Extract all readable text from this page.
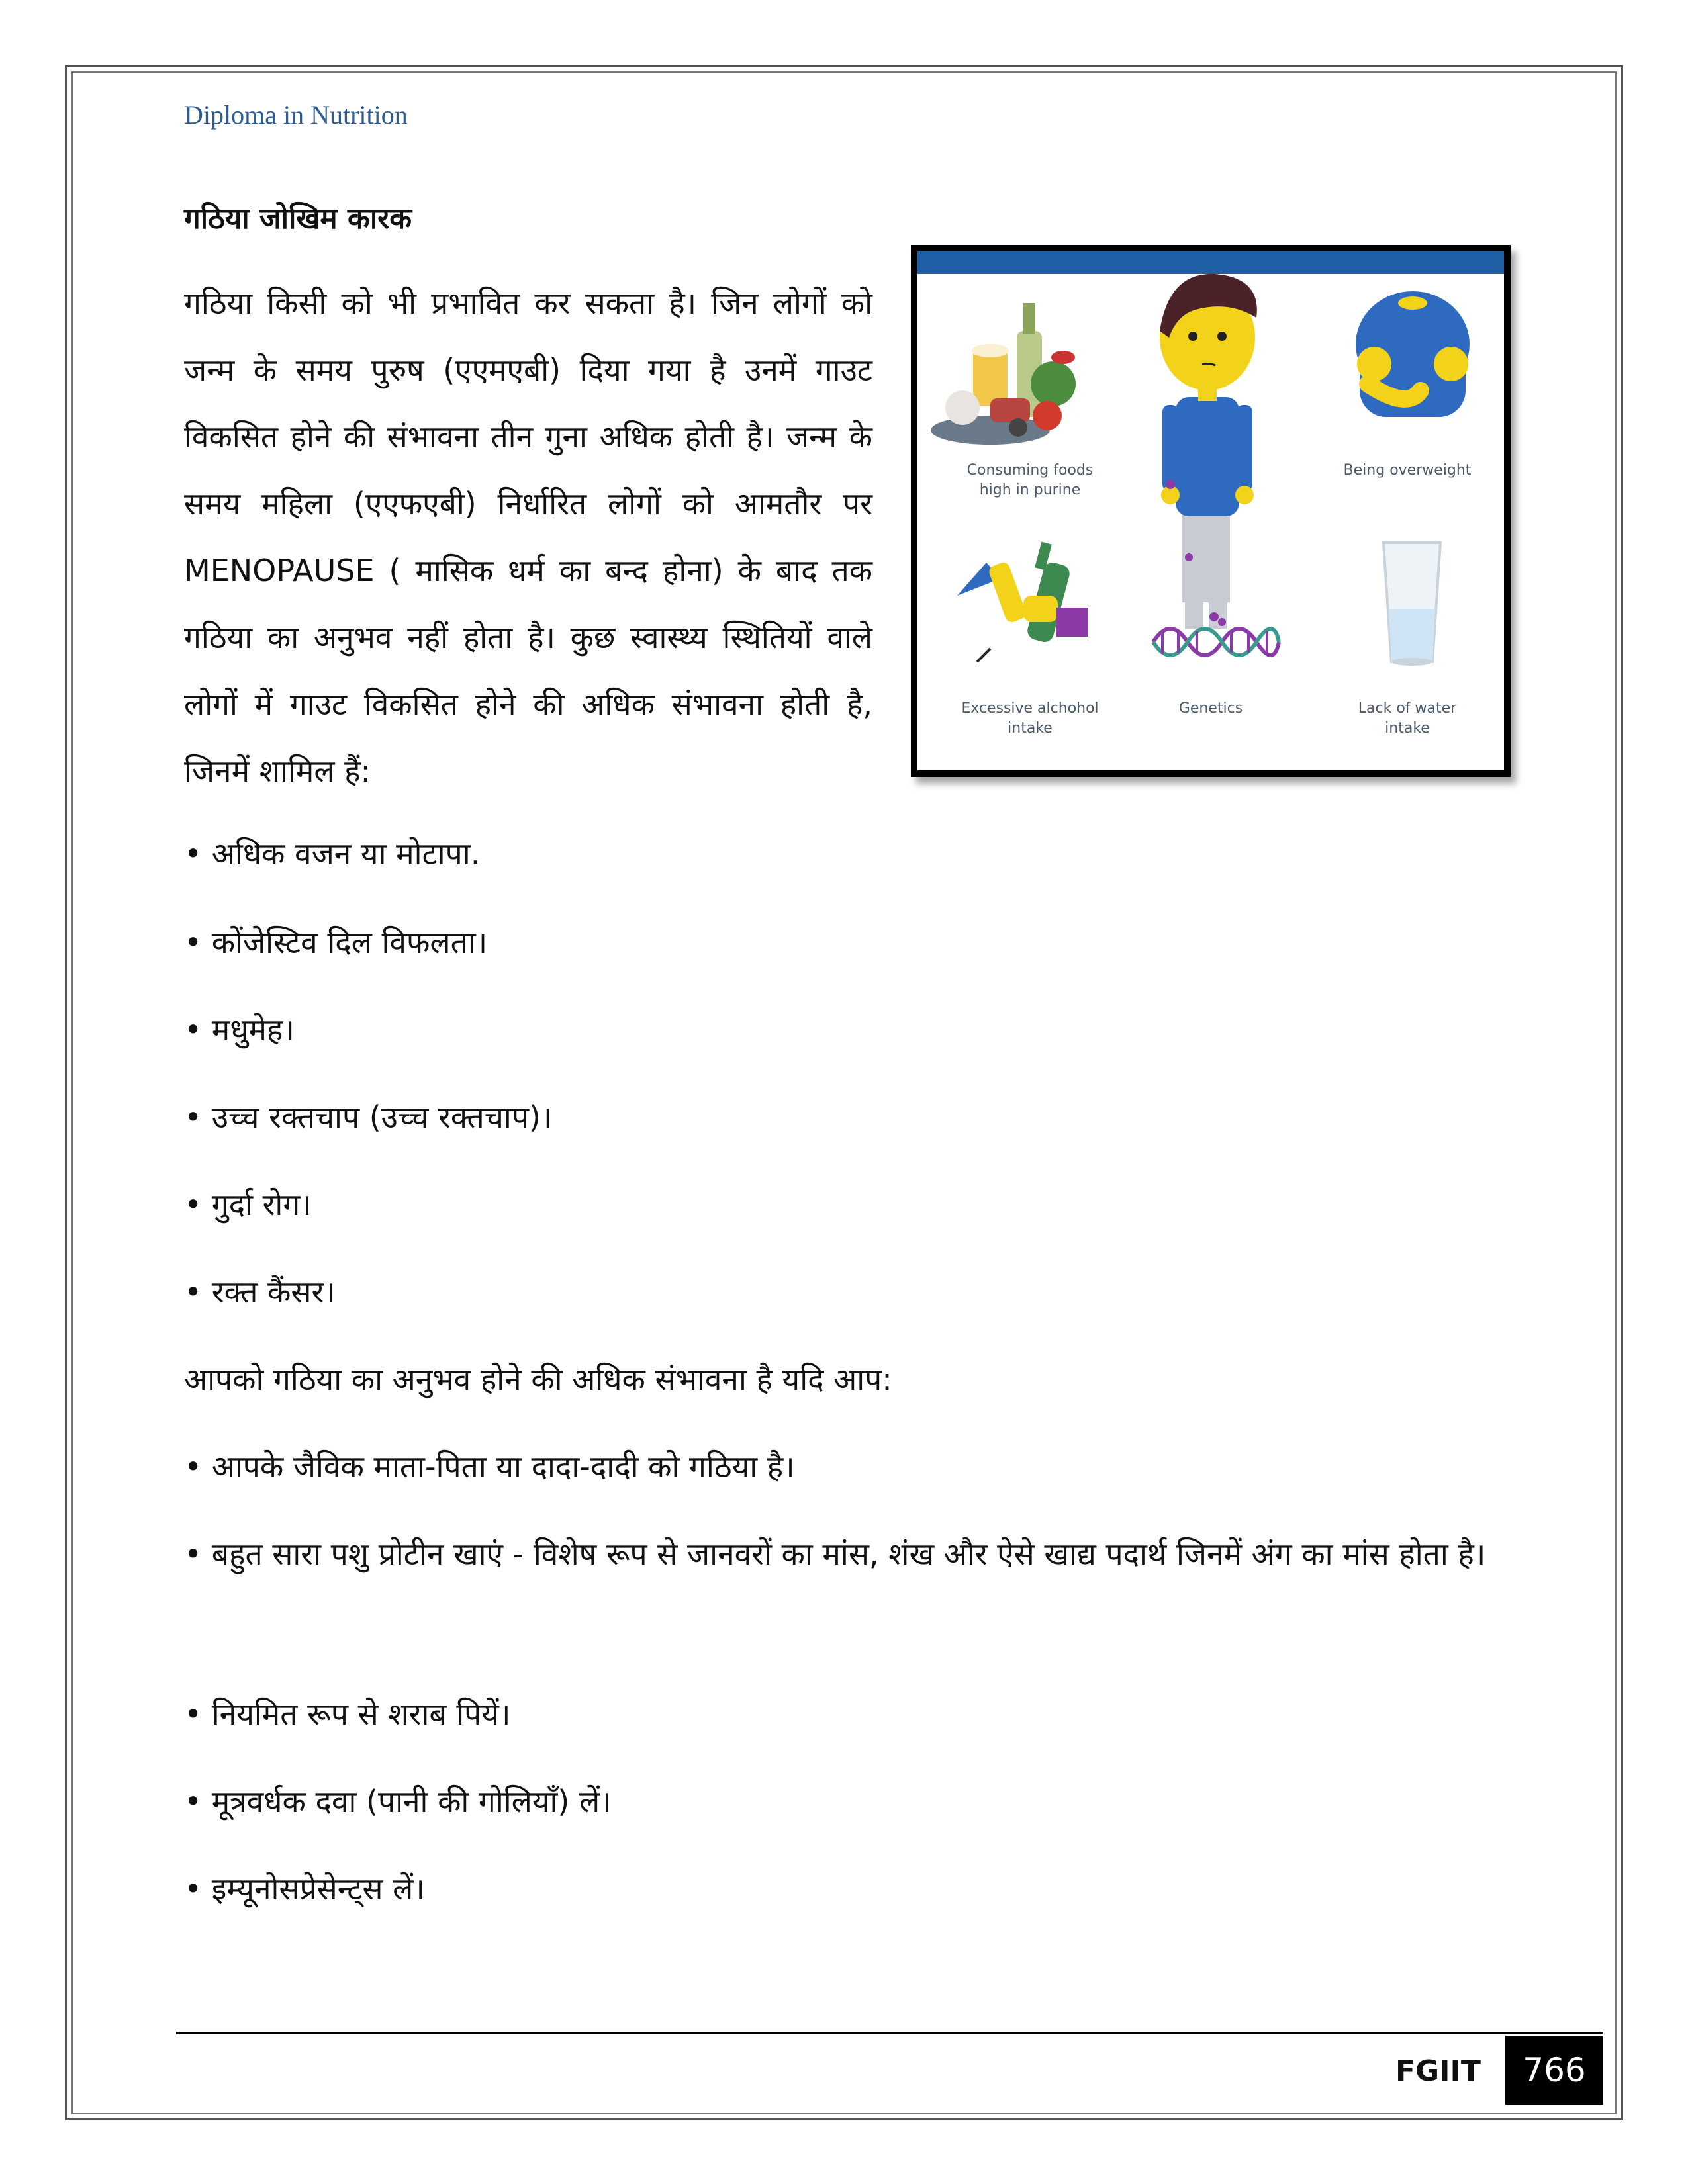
Diploma in Nutrition
गठिया जोखिम कारक
गठिया किसी को भी प्रभावित कर सकता है। जिन लोगों को जन्म के समय पुरुष (एएमएबी) दिया गया है उनमें गाउट विकसित होने की संभावना तीन गुना अधिक होती है। जन्म के समय महिला (एएफएबी) निर्धारित लोगों को आमतौर पर MENOPAUSE ( मासिक धर्म का बन्द होना) के बाद तक गठिया का अनुभव नहीं होता है। कुछ स्वास्थ्य स्थितियों वाले लोगों में गाउट विकसित होने की अधिक संभावना होती है, जिनमें शामिल हैं:
Consuming foods
high in purine
Being overweight
Excessive alchohol
intake
Genetics	Lack of water
intake
• अधिक वजन या मोटापा.
• कोंजेस्टिव दिल विफलता।
• मधुमेह।
• उच्च रक्तचाप (उच्च रक्तचाप)।
• गुर्दा रोग।
• रक्त कैंसर।
आपको गठिया का अनुभव होने की अधिक संभावना है यदि आप:
• आपके जैविक माता-पिता या दादा-दादी को गठिया है।
• बहुत सारा पशु प्रोटीन खाएं - विशेष रूप से जानवरों का मांस, शंख और ऐसे खाद्य पदार्थ जिनमें अंग का मांस होता है।
• नियमित रूप से शराब पियें।
• मूत्रवर्धक दवा (पानी की गोलियाँ) लें।
• इम्यूनोसप्रेसेन्ट्स लें।
FGIIT	766
